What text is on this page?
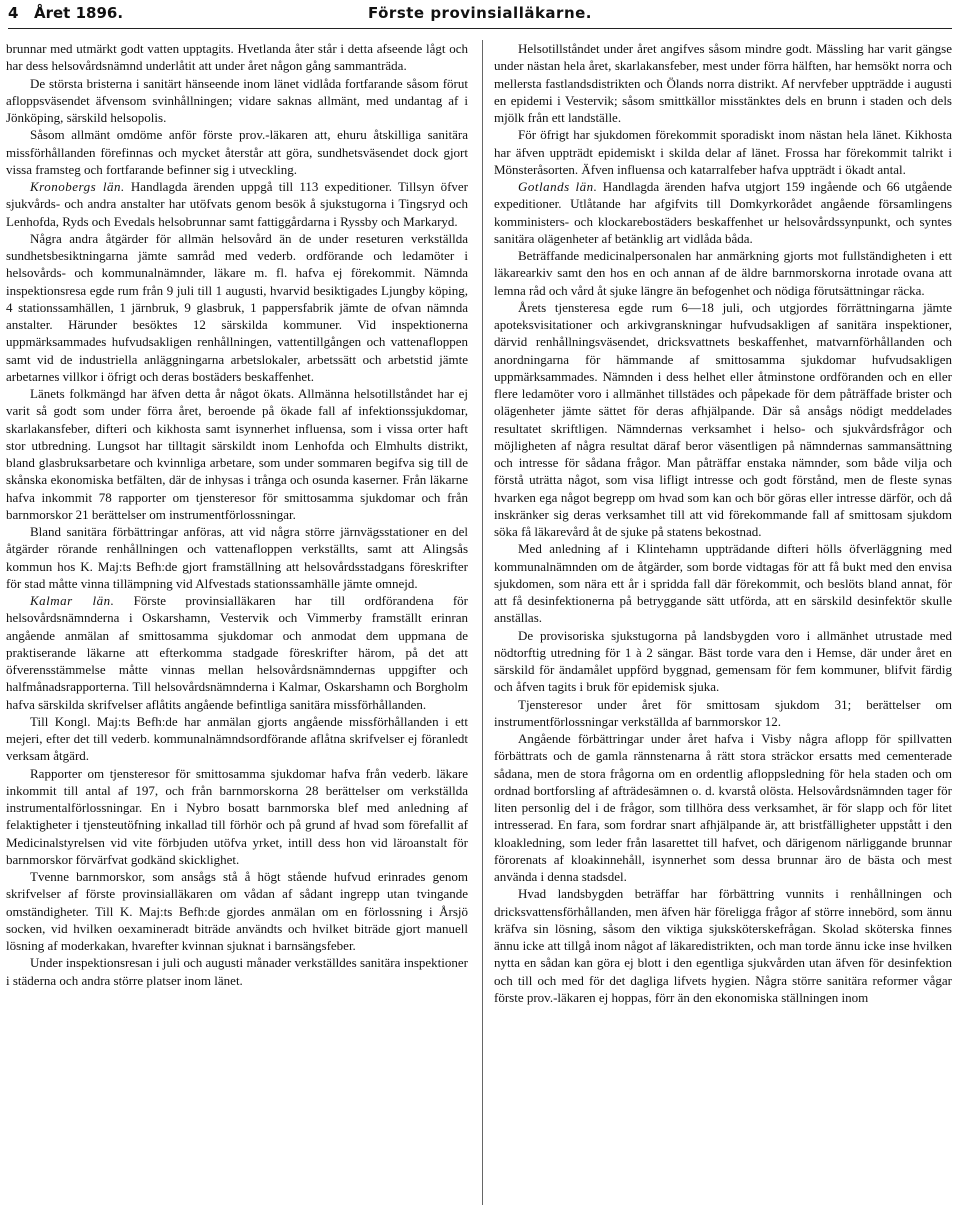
4 Året 1896.	Förste provinsialläkarne.

brunnar med utmärkt godt vatten upptagits. Hvetlanda åter står i detta afseende lågt och har dess helsovårdsnämnd underlåtit att under året någon gång sammanträda.

De största bristerna i sanitärt hänseende inom länet vidlåda fortfarande såsom förut afloppsväsendet äfvensom svinhållningen; vidare saknas allmänt, med undantag af i Jönköping, särskild helsopolis.

Såsom allmänt omdöme anför förste prov.-läkaren att, ehuru åtskilliga sanitära missförhållanden förefinnas och mycket återstår att göra, sundhetsväsendet dock gjort vissa framsteg och fortfarande befinner sig i utveckling.

Kronobergs län. Handlagda ärenden uppgå till 113 expeditioner. Tillsyn öfver sjukvårds- och andra anstalter har utöfvats genom besök å sjukstugorna i Tingsryd och Lenhofda, Ryds och Evedals helsobrunnar samt fattiggårdarna i Ryssby och Markaryd.

Några andra åtgärder för allmän helsovård än de under reseturen verkställda sundhetsbesiktningarna jämte samråd med vederb. ordförande och ledamöter i helsovårds- och kommunalnämnder, läkare m. fl. hafva ej förekommit. Nämnda inspektionsresa egde rum från 9 juli till 1 augusti, hvarvid besiktigades Ljungby köping, 4 stationssamhällen, 1 järnbruk, 9 glasbruk, 1 pappersfabrik jämte de ofvan nämnda anstalter. Härunder besöktes 12 särskilda kommuner. Vid inspektionerna uppmärksammades hufvudsakligen renhållningen, vattentillgången och vattenafloppen samt vid de industriella anläggningarna arbetslokaler, arbetssätt och arbetstid jämte arbetarnes villkor i öfrigt och deras bostäders beskaffenhet.

Länets folkmängd har äfven detta år något ökats. Allmänna helsotillståndet har ej varit så godt som under förra året, beroende på ökade fall af infektionssjukdomar, skarlakansfeber, difteri och kikhosta samt isynnerhet influensa, som i vissa orter haft stor utbredning. Lungsot har tilltagit särskildt inom Lenhofda och Elmhults distrikt, bland glasbruksarbetare och kvinnliga arbetare, som under sommaren begifva sig till de skånska ekonomiska betfälten, där de inhysas i trånga och osunda kaserner. Från läkarne hafva inkommit 78 rapporter om tjensteresor för smittosamma sjukdomar och från barnmorskor 21 berättelser om instrumentförlossningar.

Bland sanitära förbättringar anföras, att vid några större järnvägsstationer en del åtgärder rörande renhållningen och vattenafloppen verkställts, samt att Alingsås kommun hos K. Maj:ts Befh:de gjort framställning att helsovårdsstadgans föreskrifter för stad måtte vinna tillämpning vid Alfvestads stationssamhälle jämte omnejd.

Kalmar län. Förste provinsialläkaren har till ordförandena för helsovårdsnämnderna i Oskarshamn, Vestervik och Vimmerby framställt erinran angående anmälan af smittosamma sjukdomar och anmodat dem uppmana de praktiserande läkarne att efterkomma stadgade föreskrifter härom, på det att öfverensstämmelse måtte vinnas mellan helsovårdsnämndernas uppgifter och halfmånadsrapporterna. Till helsovårdsnämnderna i Kalmar, Oskarshamn och Borgholm hafva särskilda skrifvelser aflåtits angående befintliga sanitära missförhållanden.

Till Kongl. Maj:ts Befh:de har anmälan gjorts angående missförhållanden i ett mejeri, efter det till vederb. kommunalnämndsordförande aflåtna skrifvelser ej föranledt verksam åtgärd.

Rapporter om tjensteresor för smittosamma sjukdomar hafva från vederb. läkare inkommit till antal af 197, och från barnmorskorna 28 berättelser om verkställda instrumentalförlossningar. En i Nybro bosatt barnmorska blef med anledning af felaktigheter i tjensteutöfning inkallad till förhör och på grund af hvad som förefallit af Medicinalstyrelsen vid vite förbjuden utöfva yrket, intill dess hon vid läroanstalt för barnmorskor förvärfvat godkänd skicklighet.

Tvenne barnmorskor, som ansågs stå å högt stående hufvud erinrades genom skrifvelser af förste provinsialläkaren om vådan af sådant ingrepp utan tvingande omständigheter. Till K. Maj:ts Befh:de gjordes anmälan om en förlossning i Årsjö socken, vid hvilken oexamineradt biträde användts och hvilket biträde gjort manuell lösning af moderkakan, hvarefter kvinnan sjuknat i barnsängsfeber.

Under inspektionsresan i juli och augusti månader verkställdes sanitära inspektioner i städerna och andra större platser inom länet.

Helsotillståndet under året angifves såsom mindre godt. Mässling har varit gängse under nästan hela året, skarlakansfeber, mest under förra hälften, har hemsökt norra och mellersta fastlandsdistrikten och Ölands norra distrikt. Af nervfeber uppträdde i augusti en epidemi i Vestervik; såsom smittkällor misstänktes dels en brunn i staden och dels mjölk från ett landställe.

För öfrigt har sjukdomen förekommit sporadiskt inom nästan hela länet. Kikhosta har äfven uppträdt epidemiskt i skilda delar af länet. Frossa har förekommit talrikt i Mönsteråsorten. Äfven influensa och katarralfeber hafva uppträdt i ökadt antal.

Gotlands län. Handlagda ärenden hafva utgjort 159 ingående och 66 utgående expeditioner. Utlåtande har afgifvits till Domkyrkorådet angående församlingens komministers- och klockarebostäders beskaffenhet ur helsovårdssynpunkt, och syntes sanitära olägenheter af betänklig art vidlåda båda.

Beträffande medicinalpersonalen har anmärkning gjorts mot fullständigheten i ett läkarearkiv samt den hos en och annan af de äldre barnmorskorna inrotade ovana att lemna råd och vård åt sjuke längre än befogenhet och nödiga förutsättningar räcka.

Årets tjensteresa egde rum 6—18 juli, och utgjordes förrättningarna jämte apoteksvisitationer och arkivgranskningar hufvudsakligen af sanitära inspektioner, därvid renhållningsväsendet, dricksvattnets beskaffenhet, matvarnförhållanden och anordningarna för hämmande af smittosamma sjukdomar hufvudsakligen uppmärksammades. Nämnden i dess helhet eller åtminstone ordföranden och en eller flere ledamöter voro i allmänhet tillstädes och påpekade för dem påträffade brister och olägenheter jämte sättet för deras afhjälpande. Där så ansågs nödigt meddelades resultatet skriftligen. Nämndernas verksamhet i helso- och sjukvårdsfrågor och möjligheten af några resultat däraf beror väsentligen på nämndernas sammansättning och intresse för sådana frågor. Man påträffar enstaka nämnder, som både vilja och förstå uträtta något, som visa lifligt intresse och godt förstånd, men de fleste synas hvarken ega något begrepp om hvad som kan och bör göras eller intresse därför, och då inskränker sig deras verksamhet till att vid förekommande fall af smittosam sjukdom söka få läkarevård åt de sjuke på statens bekostnad.

Med anledning af i Klintehamn uppträdande difteri hölls öfverläggning med kommunalnämnden om de åtgärder, som borde vidtagas för att få bukt med den envisa sjukdomen, som nära ett år i spridda fall där förekommit, och beslöts bland annat, för att få desinfektionerna på betryggande sätt utförda, att en särskild desinfektör skulle anställas.

De provisoriska sjukstugorna på landsbygden voro i allmänhet utrustade med nödtorftig utredning för 1 à 2 sängar. Bäst torde vara den i Hemse, där under året en särskild för ändamålet uppförd byggnad, gemensam för fem kommuner, blifvit färdig och åfven tagits i bruk för epidemisk sjuka.

Tjensteresor under året för smittosam sjukdom 31; berättelser om instrumentförlossningar verkställda af barnmorskor 12.

Angående förbättringar under året hafva i Visby några aflopp för spillvatten förbättrats och de gamla rännstenarna å rätt stora sträckor ersatts med cementerade sådana, men de stora frågorna om en ordentlig afloppsledning för hela staden och om ordnad bortforsling af afträdesämnen o. d. kvarstå olösta. Helsovårdsnämnden tager för liten personlig del i de frågor, som tillhöra dess verksamhet, är för slapp och för litet intresserad. En fara, som fordrar snart afhjälpande är, att bristfälligheter uppstått i den kloakledning, som leder från lasarettet till hafvet, och därigenom närliggande brunnar förorenats af kloakinnehåll, isynnerhet som dessa brunnar äro de bästa och mest använda i denna stadsdel.

Hvad landsbygden beträffar har förbättring vunnits i renhållningen och dricksvattensförhållanden, men äfven här föreligga frågor af större innebörd, som ännu kräfva sin lösning, såsom den viktiga sjuksköterskefrågan. Skolad sköterska finnes ännu icke att tillgå inom något af läkaredistrikten, och man torde ännu icke inse hvilken nytta en sådan kan göra ej blott i den egentliga sjukvården utan äfven för desinfektion och till och med för det dagliga lifvets hygien. Några större sanitära reformer vågar förste prov.-läkaren ej hoppas, förr än den ekonomiska ställningen inom
